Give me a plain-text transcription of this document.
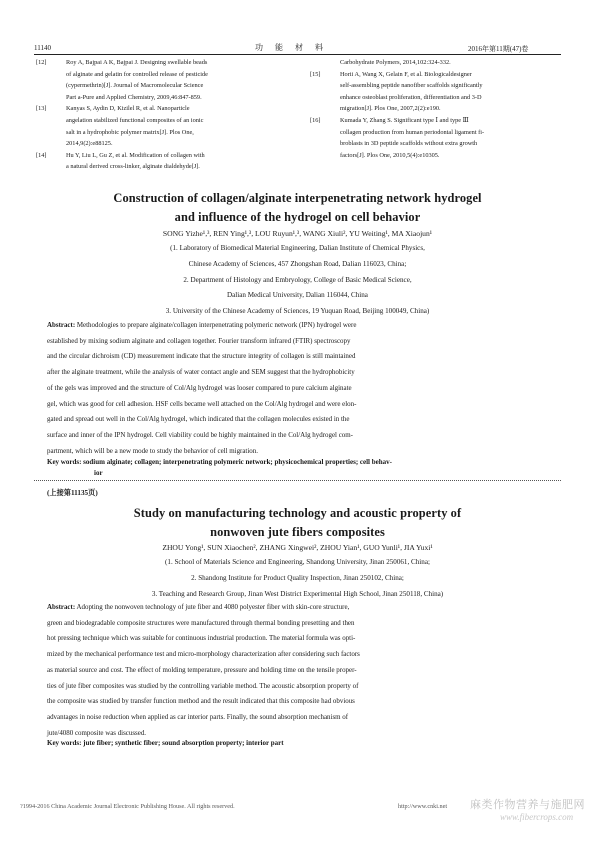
11140	功　能　材　料	2016年第11期(47)卷
[12]	Roy A, Bajpai A K, Bajpai J. Designing swellable beads
of alginate and gelatin for controlled release of pesticide
(cypermethrin)[J]. Journal of Macromolecular Science
Part a-Pure and Applied Chemistry, 2009,46:847-859.
[13]	Kanyas S, Aydin D, Kizilel R, et al. Nanoparticle
angelation stabilized functional composites of an ionic
salt in a hydrophobic polymer matrix[J]. Plos One,
2014,9(2):e88125.
[14]	Hu Y, Liu L, Gu Z, et al. Modification of collagen with
a natural derived cross-linker, alginate dialdehyde[J].
Carbohydrate Polymers, 2014,102:324-332.
[15]	Horii A, Wang X, Gelain F, et al. Biologicaldesigner
self-assembling peptide nanofiber scaffolds significantly
enhance osteoblast proliferation, differentiation and 3-D
migration[J]. Plos One, 2007,2(2):e190.
[16]	Kumada Y, Zhang S. Significant type Ⅰ and type Ⅲ
collagen production from human periodontal ligament fi-
broblasts in 3D peptide scaffolds without extra growth
factors[J]. Plos One, 2010,5(4):e10305.
Construction of collagen/alginate interpenetrating network hydrogel
and influence of the hydrogel on cell behavior
SONG Yizhe¹,³, REN Ying¹,³, LOU Ruyun¹,³, WANG Xiuli², YU Weiting¹, MA Xiaojun¹
(1. Laboratory of Biomedical Material Engineering, Dalian Institute of Chemical Physics,
Chinese Academy of Sciences, 457 Zhongshan Road, Dalian 116023, China;
2. Department of Histology and Embryology, College of Basic Medical Science,
Dalian Medical University, Dalian 116044, China
3. University of the Chinese Academy of Sciences, 19 Yuquan Road, Beijing 100049, China)
Abstract: Methodologies to prepare alginate/collagen interpenetrating polymeric network (IPN) hydrogel were
established by mixing sodium alginate and collagen together. Fourier transform infrared (FTIR) spectroscopy
and the circular dichroism (CD) measurement indicate that the structure integrity of collagen is still maintained
after the alginate treatment, while the analysis of water contact angle and SEM suggest that the hydrophobicity
of the gels was improved and the structure of Col/Alg hydrogel was looser compared to pure calcium alginate
gel, which was good for cell adhesion. HSF cells became well attached on the Col/Alg hydrogel and were elon-
gated and spread out well in the Col/Alg hydrogel, which indicated that the collagen molecules existed in the
surface and inner of the IPN hydrogel. Cell viability could be highly maintained in the Col/Alg hydrogel com-
partment, which will be a new mode to study the behavior of cell migration.
Key words: sodium alginate; collagen; interpenetrating polymeric network; physicochemical properties; cell behav-
ior
(上接第11135页)
Study on manufacturing technology and acoustic property of
nonwoven jute fibers composites
ZHOU Yong¹, SUN Xiaochen², ZHANG Xingwei², ZHOU Yian¹, GUO Yunli¹, JIA Yuxi¹
(1. School of Materials Science and Engineering, Shandong University, Jinan 250061, China;
2. Shandong Institute for Product Quality Inspection, Jinan 250102, China;
3. Teaching and Research Group, Jinan West District Experimental High School, Jinan 250118, China)
Abstract: Adopting the nonwoven technology of jute fiber and 4080 polyester fiber with skin-core structure,
green and biodegradable composite structures were manufactured through thermal bonding presetting and then
hot pressing technique which was suitable for continuous industrial production. The material formula was opti-
mized by the mechanical performance test and micro-morphology characterization after considering such factors
as material source and cost. The effect of molding temperature, pressure and holding time on the tensile proper-
ties of jute fiber composites was studied by the controlling variable method. The acoustic absorption property of
the composite was studied by transfer function method and the result indicated that this composite had obvious
advantages in noise reduction when applied as car interior parts. Finally, the sound absorption mechanism of
jute/4080 composite was discussed.
Key words: jute fiber; synthetic fiber; sound absorption property; interior part
?1994-2016 China Academic Journal Electronic Publishing House. All rights reserved.	http://www.cnki.net 麻类作物营养与施肥网
www.fibercrops.com
